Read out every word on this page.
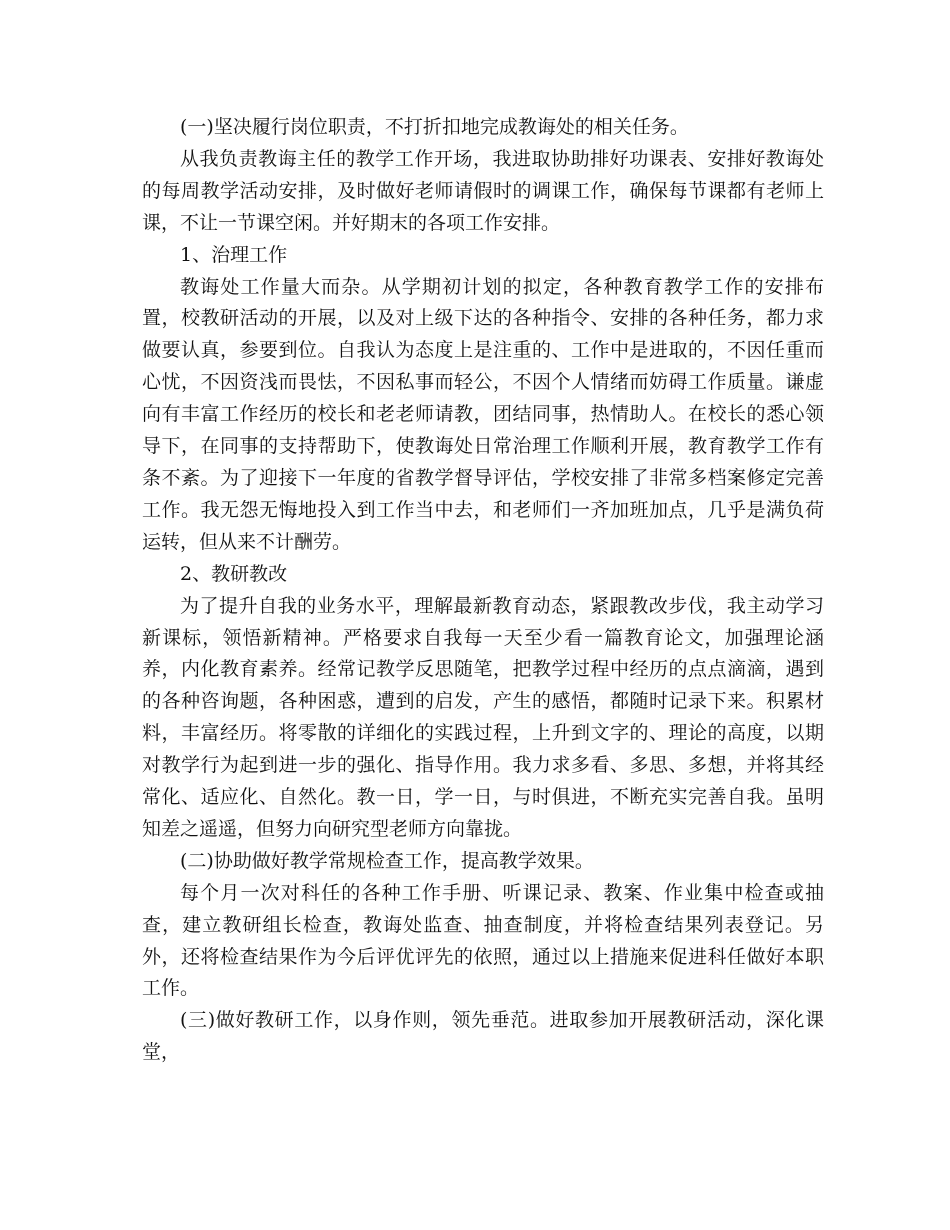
(一)坚决履行岗位职责，不打折扣地完成教诲处的相关任务。

从我负责教诲主任的教学工作开场，我进取协助排好功课表、安排好教诲处的每周教学活动安排，及时做好老师请假时的调课工作，确保每节课都有老师上课，不让一节课空闲。并好期末的各项工作安排。

1、治理工作

教诲处工作量大而杂。从学期初计划的拟定，各种教育教学工作的安排布置，校教研活动的开展，以及对上级下达的各种指令、安排的各种任务，都力求做要认真，参要到位。自我认为态度上是注重的、工作中是进取的，不因任重而心忧，不因资浅而畏怯，不因私事而轻公，不因个人情绪而妨碍工作质量。谦虚向有丰富工作经历的校长和老老师请教，团结同事，热情助人。在校长的悉心领导下，在同事的支持帮助下，使教诲处日常治理工作顺利开展，教育教学工作有条不紊。为了迎接下一年度的省教学督导评估，学校安排了非常多档案修定完善工作。我无怨无悔地投入到工作当中去，和老师们一齐加班加点，几乎是满负荷运转，但从来不计酬劳。

2、教研教改

为了提升自我的业务水平，理解最新教育动态，紧跟教改步伐，我主动学习新课标，领悟新精神。严格要求自我每一天至少看一篇教育论文，加强理论涵养，内化教育素养。经常记教学反思随笔，把教学过程中经历的点点滴滴，遇到的各种咨询题，各种困惑，遭到的启发，产生的感悟，都随时记录下来。积累材料，丰富经历。将零散的详细化的实践过程，上升到文字的、理论的高度，以期对教学行为起到进一步的强化、指导作用。我力求多看、多思、多想，并将其经常化、适应化、自然化。教一日，学一日，与时俱进，不断充实完善自我。虽明知差之遥遥，但努力向研究型老师方向靠拢。

(二)协助做好教学常规检查工作，提高教学效果。

每个月一次对科任的各种工作手册、听课记录、教案、作业集中检查或抽查，建立教研组长检查，教诲处监查、抽查制度，并将检查结果列表登记。另外，还将检查结果作为今后评优评先的依照，通过以上措施来促进科任做好本职工作。

(三)做好教研工作，以身作则，领先垂范。进取参加开展教研活动，深化课堂，
